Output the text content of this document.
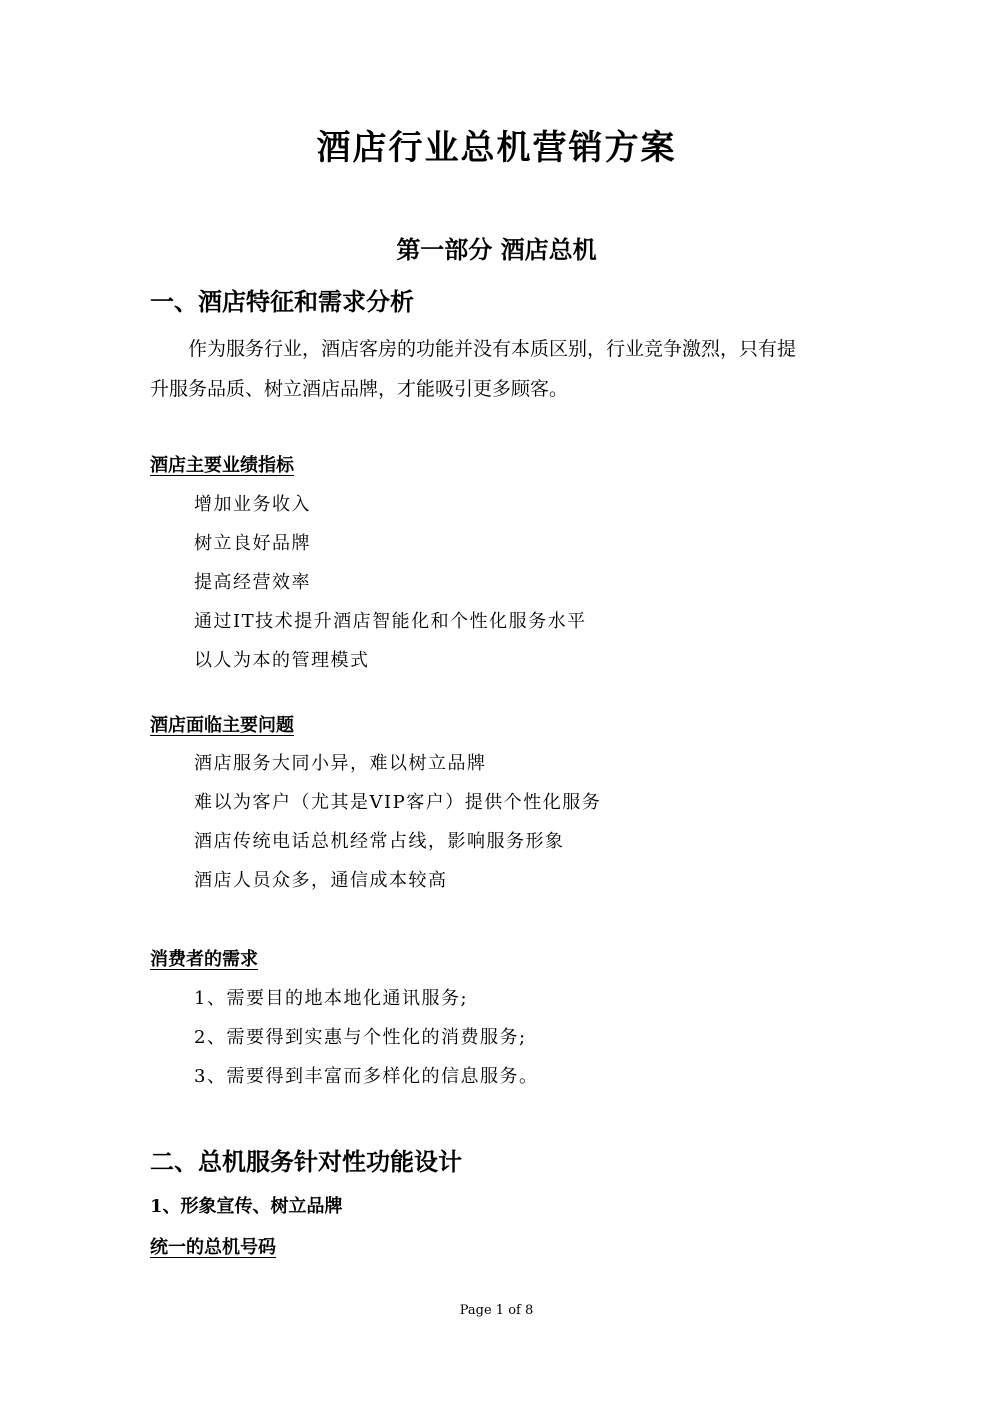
酒店行业总机营销方案
第一部分 酒店总机
一、酒店特征和需求分析
作为服务行业，酒店客房的功能并没有本质区别，行业竞争激烈，只有提
升服务品质、树立酒店品牌，才能吸引更多顾客。
酒店主要业绩指标
增加业务收入
树立良好品牌
提高经营效率
通过IT技术提升酒店智能化和个性化服务水平
以人为本的管理模式
酒店面临主要问题
酒店服务大同小异，难以树立品牌
难以为客户（尤其是VIP客户）提供个性化服务
酒店传统电话总机经常占线，影响服务形象
酒店人员众多，通信成本较高
消费者的需求
1、需要目的地本地化通讯服务;
2、需要得到实惠与个性化的消费服务;
3、需要得到丰富而多样化的信息服务。
二、总机服务针对性功能设计
1、形象宣传、树立品牌
统一的总机号码
Page 1 of 8
